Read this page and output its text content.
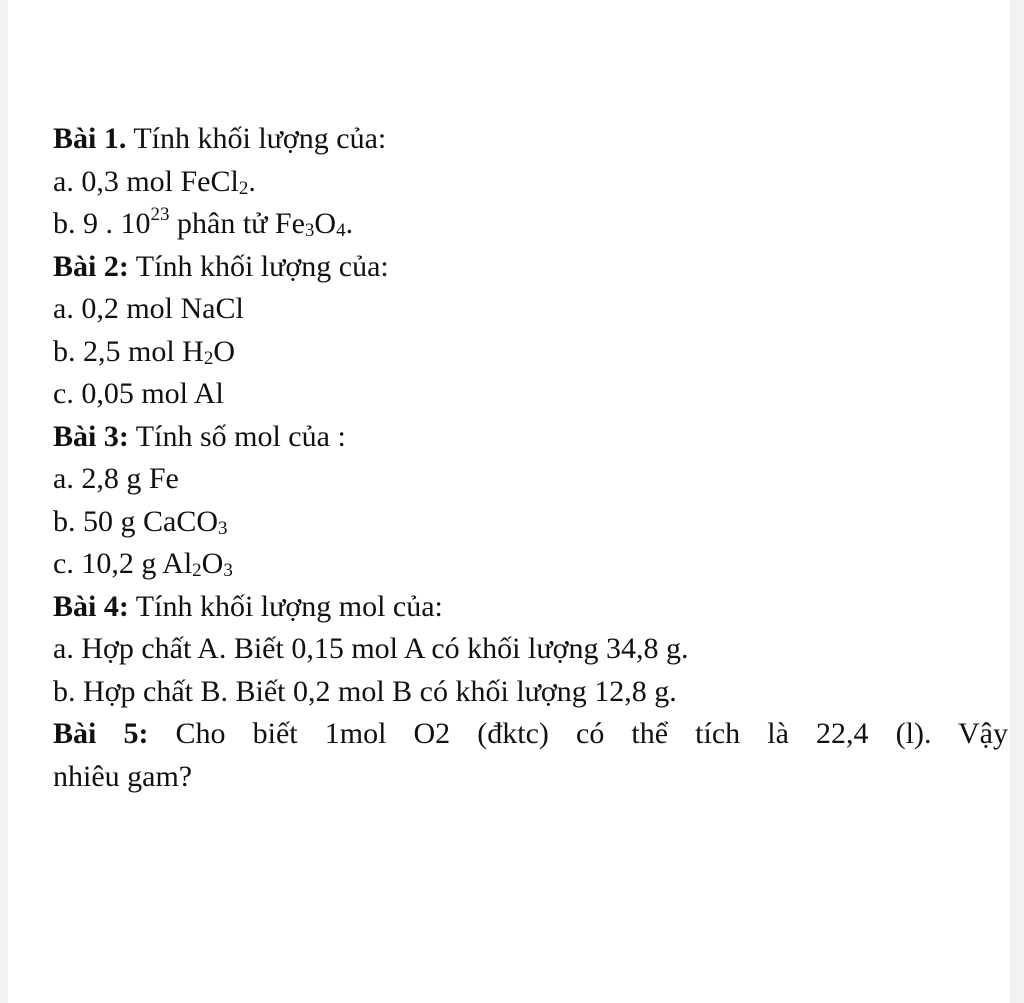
Bài 1. Tính khối lượng của:
a. 0,3 mol FeCl2.
b. 9 . $10^{23}$ phân tử Fe3O4.
Bài 2: Tính khối lượng của:
a. 0,2 mol NaCl
b. 2,5 mol H2O
c. 0,05 mol Al
Bài 3: Tính số mol của :
a. 2,8 g Fe
b. 50 g CaCO3
c. 10,2 g Al2O3
Bài 4: Tính khối lượng mol của:
a. Hợp chất A. Biết 0,15 mol A có khối lượng 34,8 g.
b. Hợp chất B. Biết 0,2 mol B có khối lượng 12,8 g.
Bài 5: Cho biết 1mol O2 (đktc) có thể tích là 22,4 (l). Vậy
nhiêu gam?
